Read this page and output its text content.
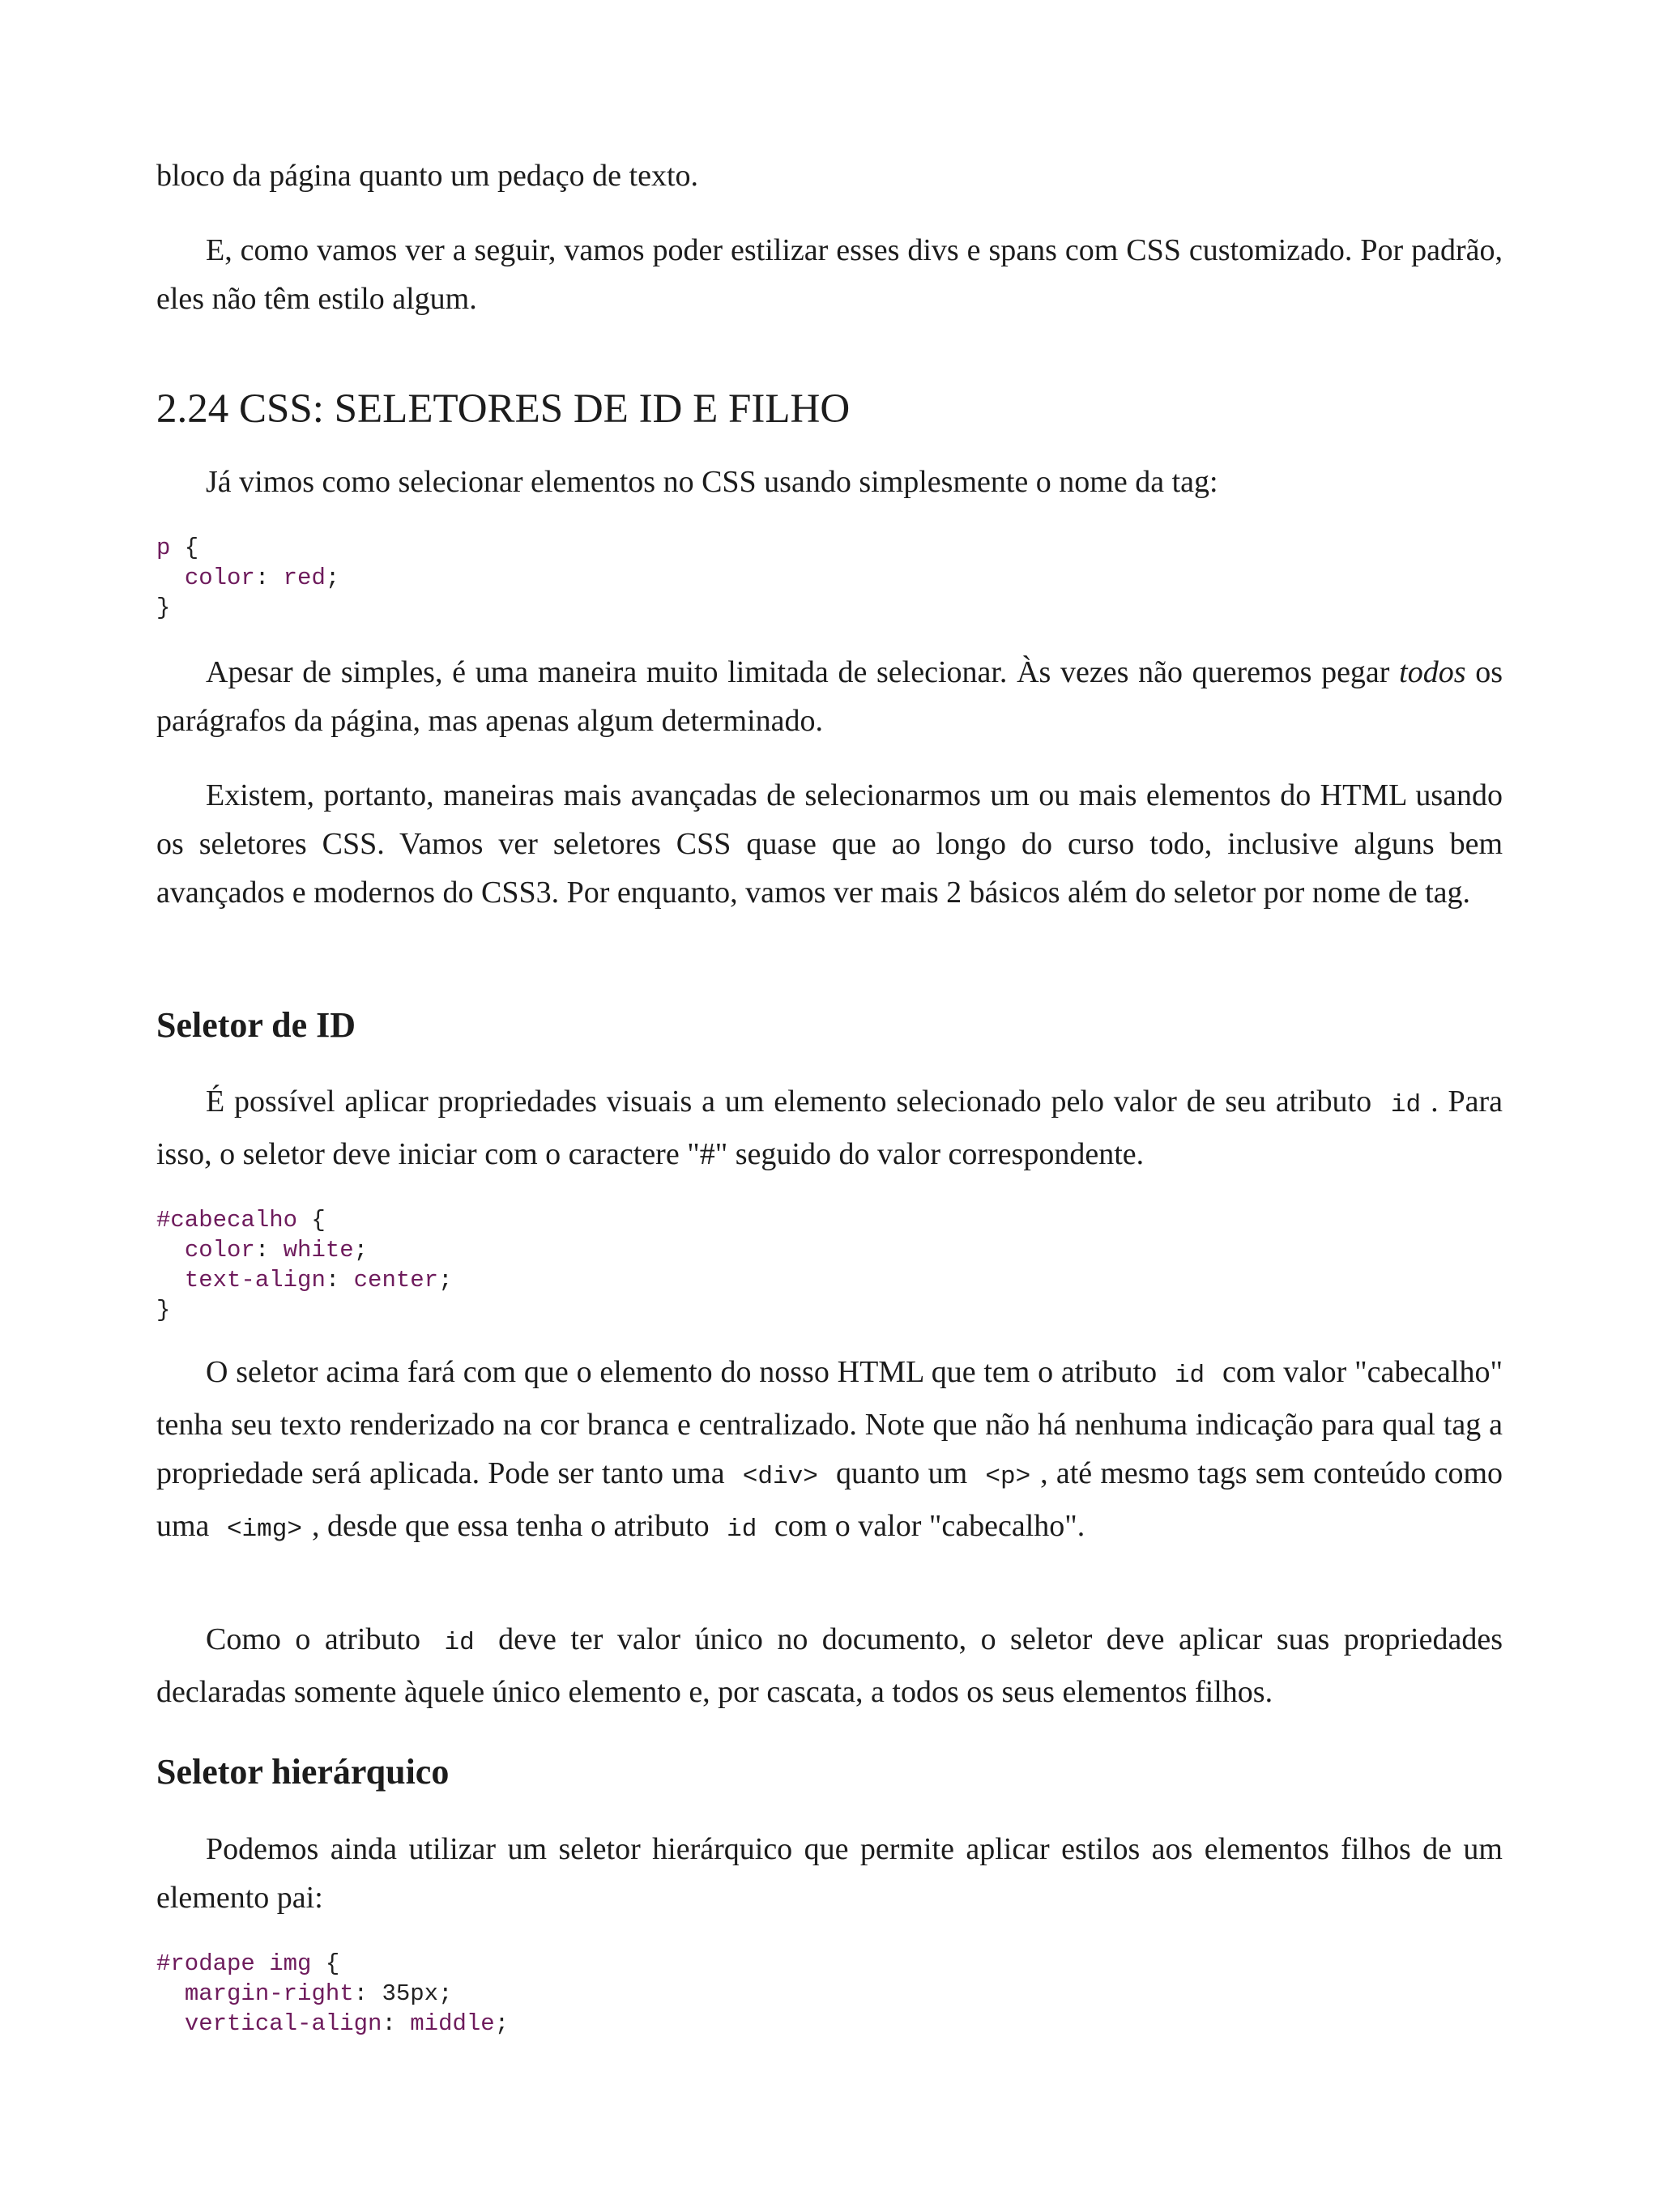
bloco da página quanto um pedaço de texto.

E, como vamos ver a seguir, vamos poder estilizar esses divs e spans com CSS customizado. Por padrão, eles não têm estilo algum.

2.24 CSS: SELETORES DE ID E FILHO

Já vimos como selecionar elementos no CSS usando simplesmente o nome da tag:

p {
color: red;
}

Apesar de simples, é uma maneira muito limitada de selecionar. Às vezes não queremos pegar todos os parágrafos da página, mas apenas algum determinado.

Existem, portanto, maneiras mais avançadas de selecionarmos um ou mais elementos do HTML usando os seletores CSS. Vamos ver seletores CSS quase que ao longo do curso todo, inclusive alguns bem avançados e modernos do CSS3. Por enquanto, vamos ver mais 2 básicos além do seletor por nome de tag.

Seletor de ID

É possível aplicar propriedades visuais a um elemento selecionado pelo valor de seu atributo id . Para isso, o seletor deve iniciar com o caractere "#" seguido do valor correspondente.

#cabecalho {
color: white;
text-align: center;
}

O seletor acima fará com que o elemento do nosso HTML que tem o atributo id com valor "cabecalho" tenha seu texto renderizado na cor branca e centralizado. Note que não há nenhuma indicação para qual tag a propriedade será aplicada. Pode ser tanto uma <div> quanto um <p> , até mesmo tags sem conteúdo como uma <img> , desde que essa tenha o atributo id com o valor "cabecalho".

Como o atributo id deve ter valor único no documento, o seletor deve aplicar suas propriedades declaradas somente àquele único elemento e, por cascata, a todos os seus elementos filhos.

Seletor hierárquico

Podemos ainda utilizar um seletor hierárquico que permite aplicar estilos aos elementos filhos de um elemento pai:

#rodape img {
margin-right: 35px;
vertical-align: middle;
